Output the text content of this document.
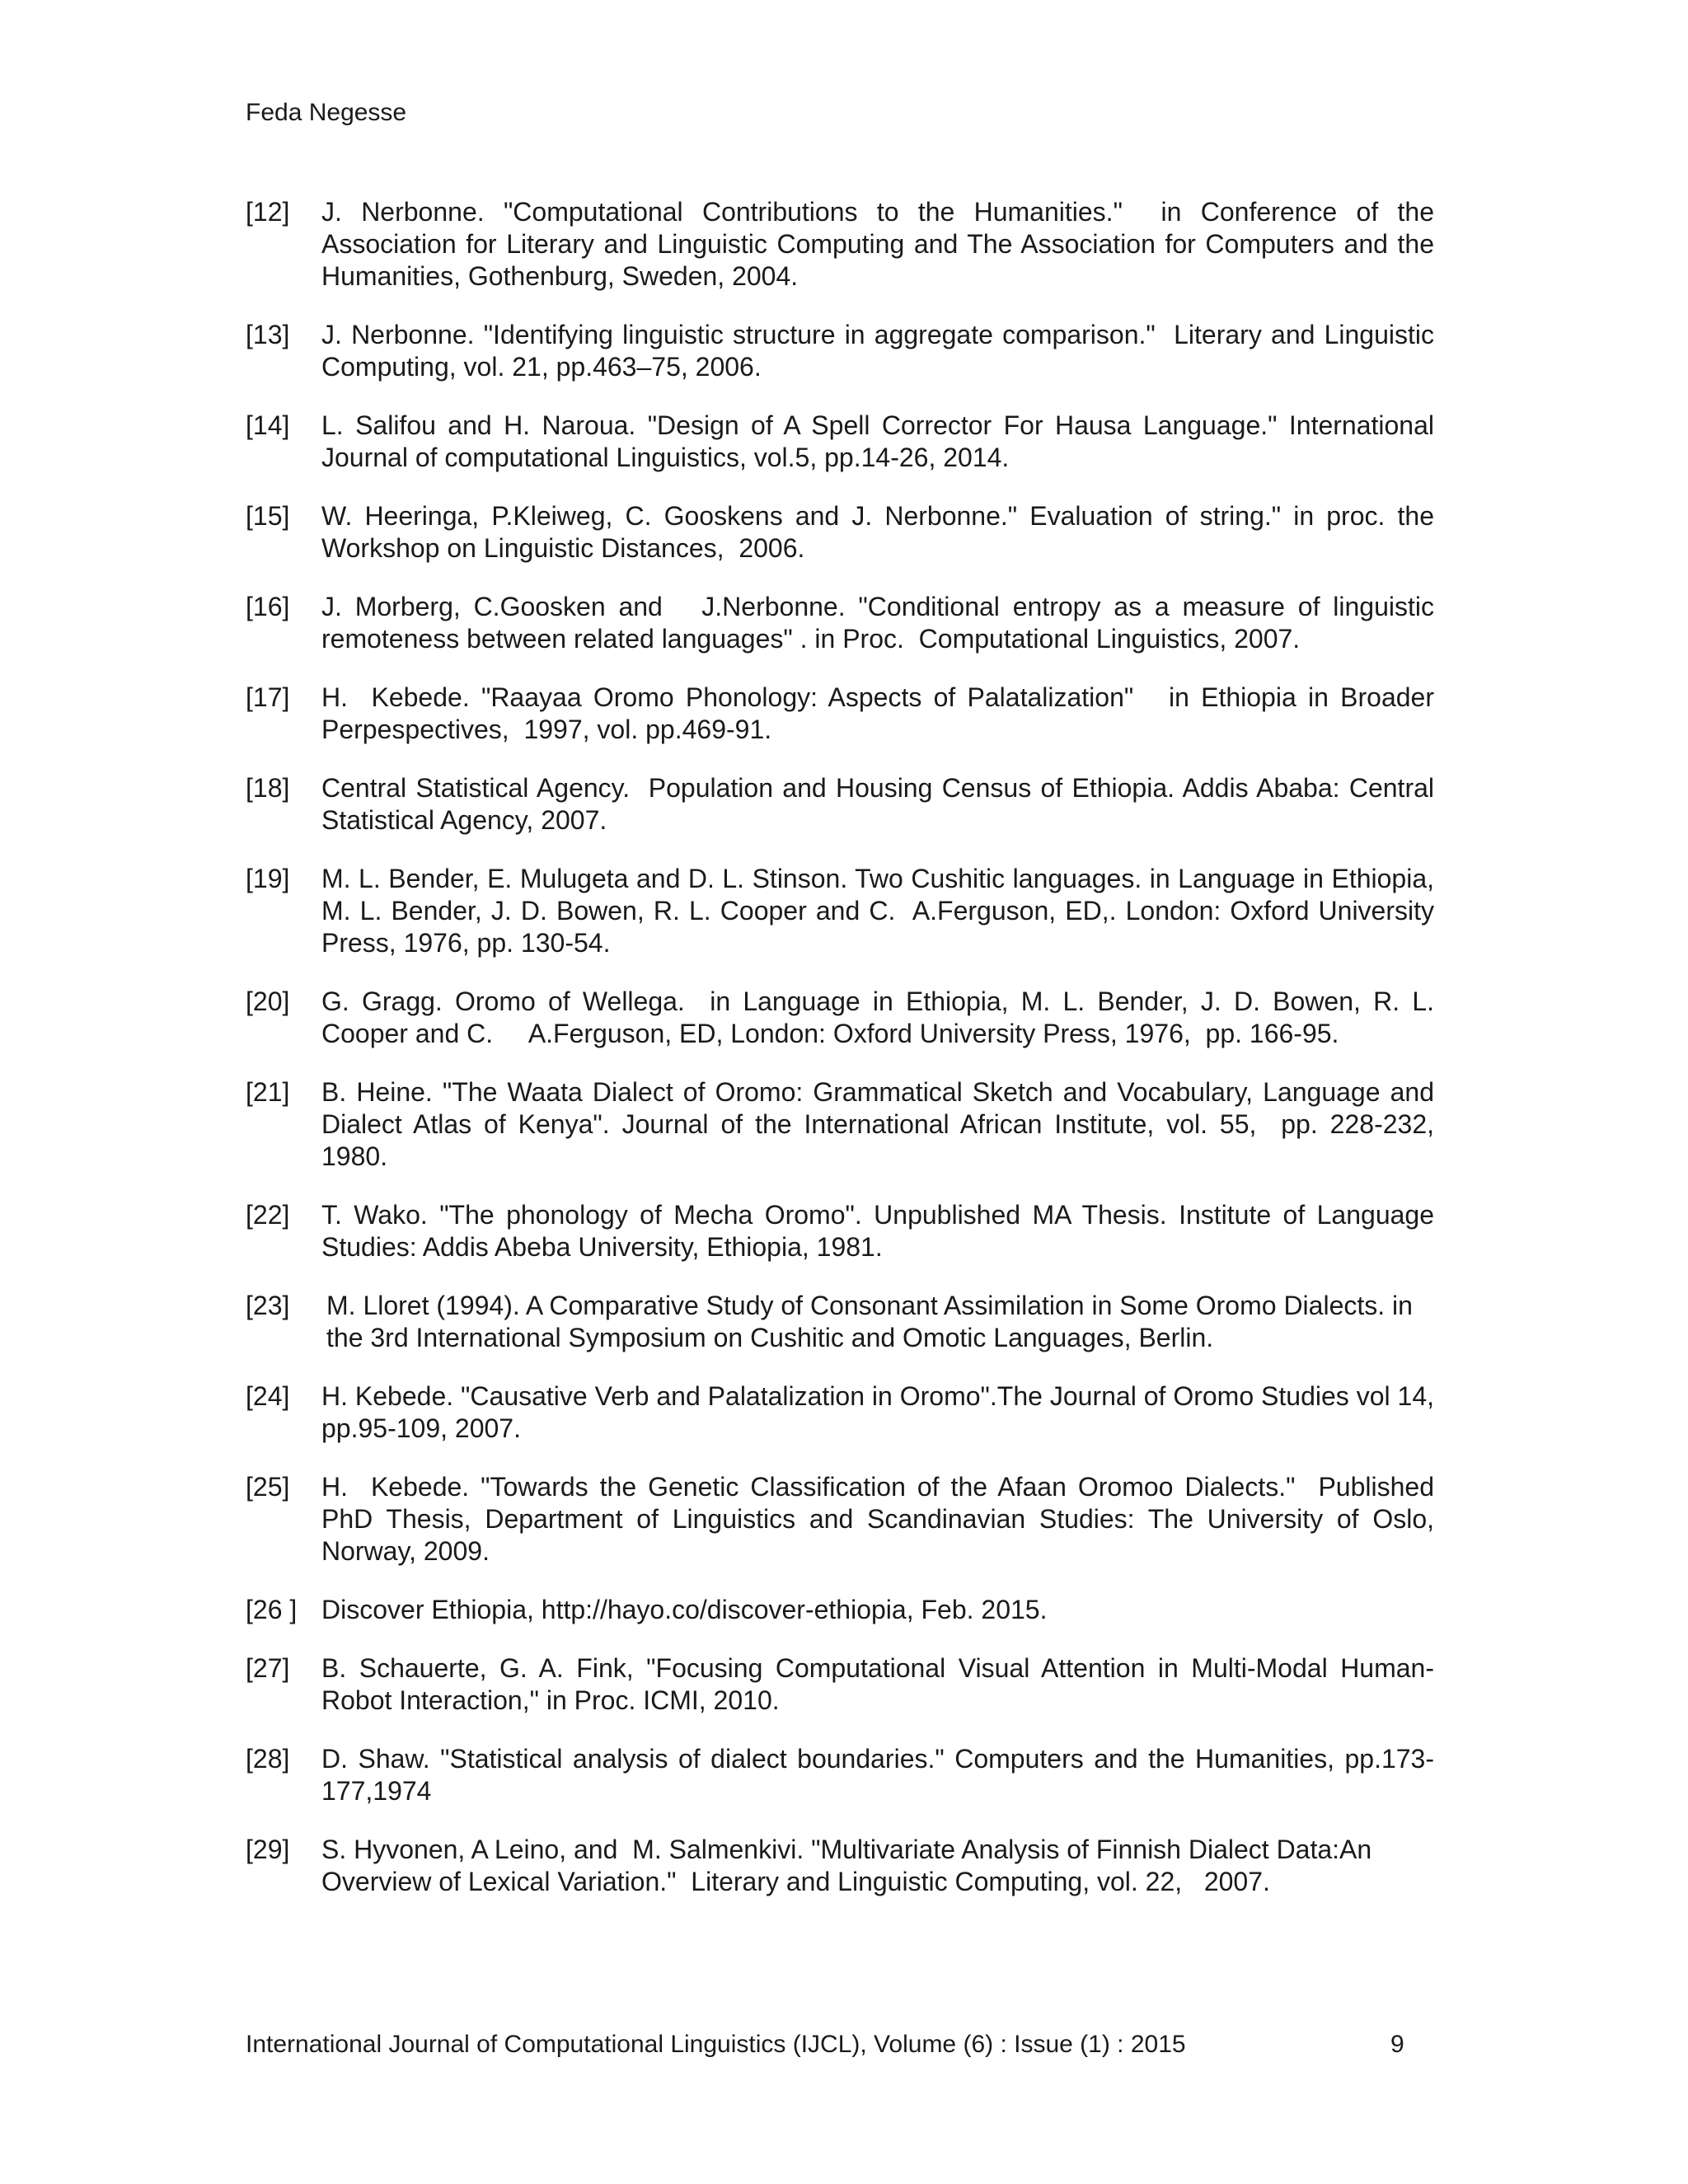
Feda Negesse
[12]	J. Nerbonne. "Computational Contributions to the Humanities."  in Conference of the Association for Literary and Linguistic Computing and The Association for Computers and the Humanities, Gothenburg, Sweden, 2004.
[13]	J. Nerbonne. "Identifying linguistic structure in aggregate comparison."  Literary and Linguistic Computing, vol. 21, pp.463–75, 2006.
[14]	L. Salifou and H. Naroua. "Design of A Spell Corrector For Hausa Language." International Journal of computational Linguistics, vol.5, pp.14-26, 2014.
[15]	W. Heeringa, P.Kleiweg, C. Gooskens and J. Nerbonne." Evaluation of string." in proc. the Workshop on Linguistic Distances,  2006.
[16]	J. Morberg, C.Goosken and   J.Nerbonne. "Conditional entropy as a measure of linguistic remoteness between related languages" . in Proc.  Computational Linguistics, 2007.
[17]	H.  Kebede. "Raayaa Oromo Phonology: Aspects of Palatalization"   in Ethiopia in Broader Perpespectives,  1997, vol. pp.469-91.
[18]	Central Statistical Agency.  Population and Housing Census of Ethiopia. Addis Ababa: Central Statistical Agency, 2007.
[19]	M. L. Bender, E. Mulugeta and D. L. Stinson. Two Cushitic languages. in Language in Ethiopia, M. L. Bender, J. D. Bowen, R. L. Cooper and C.  A.Ferguson, ED,. London: Oxford University Press, 1976, pp. 130-54.
[20]	G. Gragg. Oromo of Wellega.  in Language in Ethiopia, M. L. Bender, J. D. Bowen, R. L. Cooper and C.     A.Ferguson, ED, London: Oxford University Press, 1976,  pp. 166-95.
[21]	B. Heine. "The Waata Dialect of Oromo: Grammatical Sketch and Vocabulary, Language and Dialect Atlas of Kenya". Journal of the International African Institute, vol. 55,  pp. 228-232, 1980.
[22]	T. Wako. "The phonology of Mecha Oromo". Unpublished MA Thesis. Institute of Language Studies: Addis Abeba University, Ethiopia, 1981.
[23]	M. Lloret (1994). A Comparative Study of Consonant Assimilation in Some Oromo Dialects. in the 3rd International Symposium on Cushitic and Omotic Languages, Berlin.
[24]	H. Kebede. "Causative Verb and Palatalization in Oromo".The Journal of Oromo Studies vol 14, pp.95-109, 2007.
[25]	H.  Kebede. "Towards the Genetic Classification of the Afaan Oromoo Dialects."  Published PhD Thesis, Department of Linguistics and Scandinavian Studies: The University of Oslo, Norway, 2009.
[26 ] Discover Ethiopia, http://hayo.co/discover-ethiopia, Feb. 2015.
[27]	B. Schauerte, G. A. Fink, "Focusing Computational Visual Attention in Multi-Modal Human-Robot Interaction," in Proc. ICMI, 2010.
[28]	D. Shaw. "Statistical analysis of dialect boundaries." Computers and the Humanities, pp.173-177,1974
[29]	S. Hyvonen, A Leino, and  M. Salmenkivi. "Multivariate Analysis of Finnish Dialect Data:An Overview of Lexical Variation."  Literary and Linguistic Computing, vol. 22,   2007.
International Journal of Computational Linguistics (IJCL), Volume (6) : Issue (1) : 2015	9
